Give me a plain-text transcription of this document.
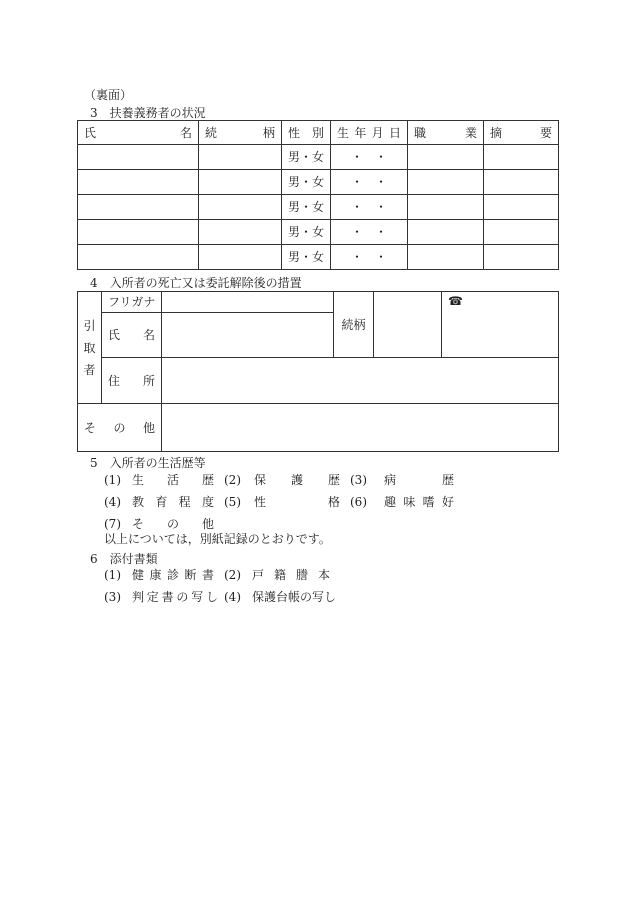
（裏面）
3　扶養義務者の状況
氏 名	続 柄	性 別	生 年 月 日	職 業	摘 要

		男・女	・　・		
		男・女	・　・		
		男・女	・　・		
		男・女	・　・		
		男・女	・　・		
4　入所者の死亡又は委託解除後の措置
引
取
者	フリガナ		続柄		☎

	氏 名				

	住 所				

そ の 他					

5　入所者の生活歴等
(1) 生 活 歴 (2)	保 護 歴 (3)	病	歴
(4) 教 育 程 度 (5)	性	格 (6)	趣 味 嗜 好
(7) そ の 他
以上については，別紙記録のとおりです。
6　添付書類
(1) 健 康 診 断 書 (2) 戸 籍 謄 本
(3) 判 定 書 の 写 し (4) 保護台帳の写し
